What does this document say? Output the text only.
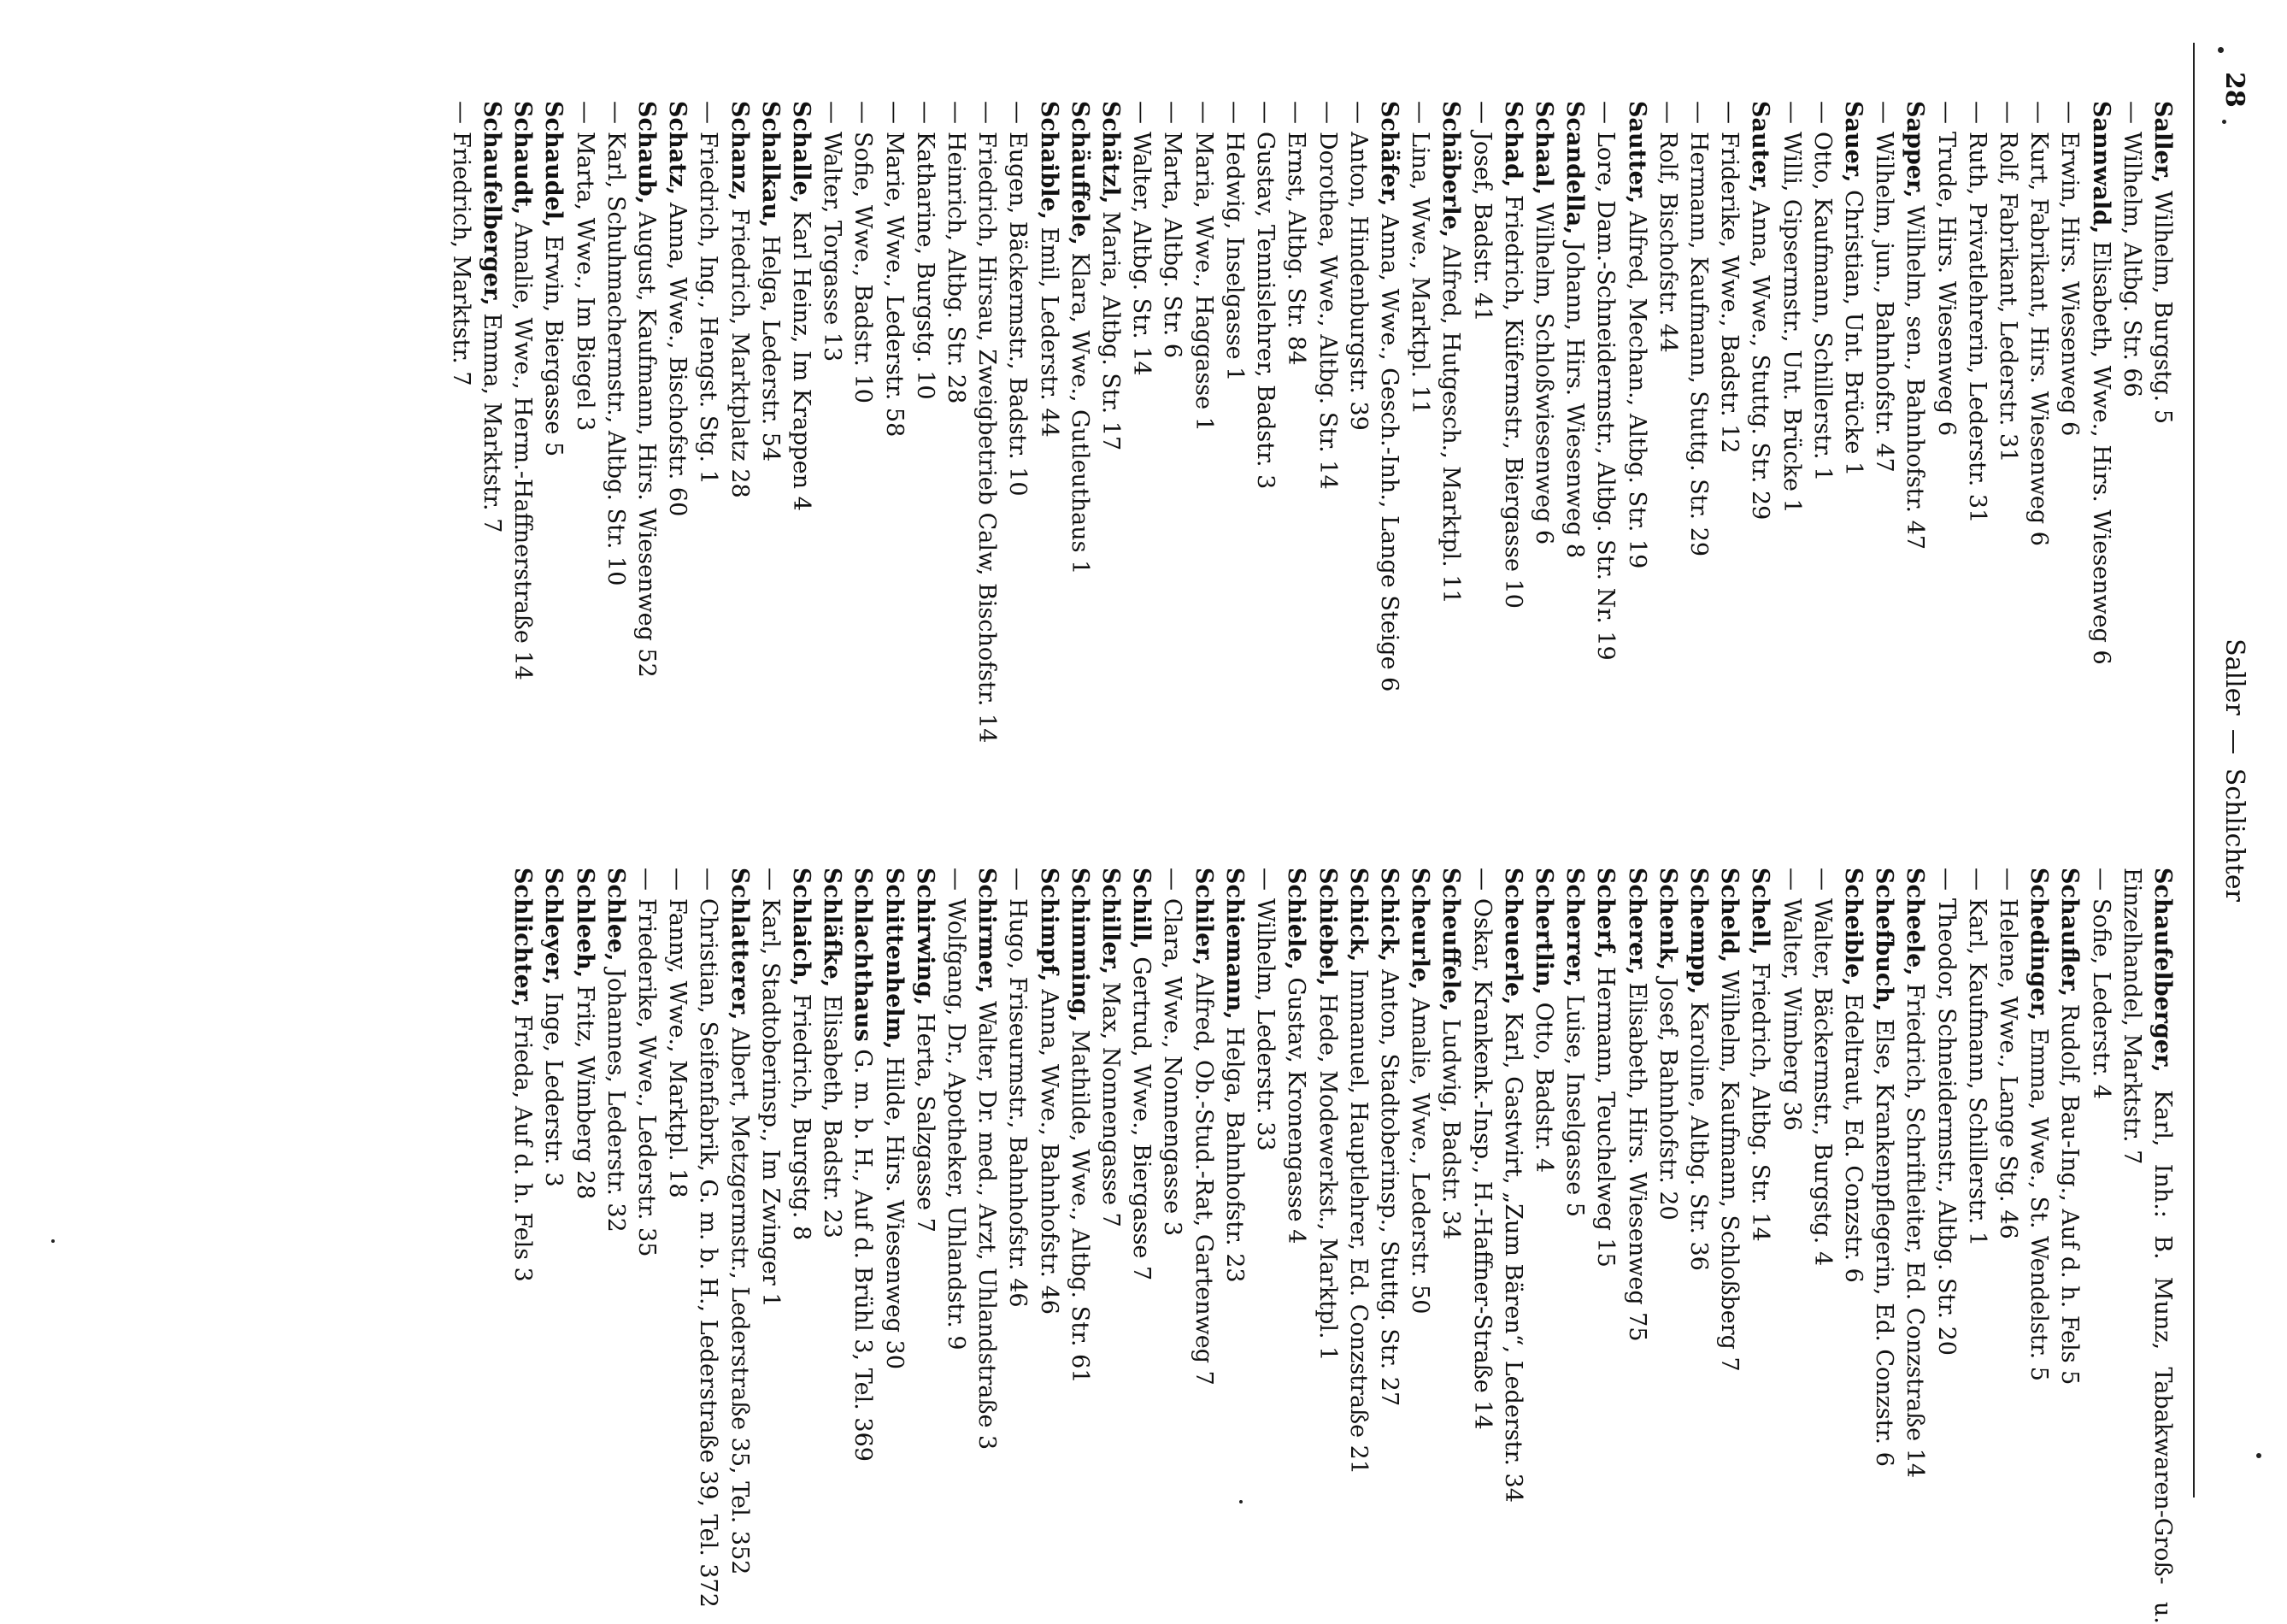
28
Saller—Schlichter

Saller, Wilhelm, Burgstg. 5

—Wilhelm, Altbg. Str. 66

Sannwald, Elisabeth, Wwe., Hirs. Wiesenweg 6

—Erwin, Hirs. Wiesenweg 6

—Kurt, Fabrikant, Hirs. Wiesenweg 6

—Rolf, Fabrikant, Lederstr. 31

—Ruth, Privatlehrerin, Lederstr. 31

—Trude, Hirs. Wiesenweg 6

Sapper, Wilhelm, sen., Bahnhofstr. 47

—Wilhelm, jun., Bahnhofstr. 47

Sauer, Christian, Unt. Brücke 1

—Otto, Kaufmann, Schillerstr. 1

—Willi, Gipsermstr., Unt. Brücke 1

Sauter, Anna, Wwe., Stuttg. Str. 29

—Friderike, Wwe., Badstr. 12

—Hermann, Kaufmann, Stuttg. Str. 29

—Rolf, Bischofstr. 44

Sautter, Alfred, Mechan., Altbg. Str. 19

—Lore, Dam.-Schneidermstr., Altbg. Str. Nr. 19

Scandella, Johann, Hirs. Wiesenweg 8

Schaal, Wilhelm, Schloßwiesenweg 6

Schad, Friedrich, Küfermstr., Biergasse 10

—Josef, Badstr. 41

Schäberle, Alfred, Hutgesch., Marktpl. 11

—Lina, Wwe., Marktpl. 11

Schäfer, Anna, Wwe., Gesch.-Inh., Lange Steige 6

—Anton, Hindenburgstr. 39

—Dorothea, Wwe., Altbg. Str. 14

—Ernst, Altbg. Str. 84

—Gustav, Tennislehrer, Badstr. 3

—Hedwig, Inselgasse 1

—Maria, Wwe., Haggasse 1

—Marta, Altbg. Str. 6

—Walter, Altbg. Str. 14

Schätzl, Maria, Altbg. Str. 17

Schäuffele, Klara, Wwe., Gutleuthaus 1

Schaible, Emil, Lederstr. 44

—Eugen, Bäckermstr., Badstr. 10

—Friedrich, Hirsau, Zweigbetrieb Calw, Bischofstr. 14

—Heinrich, Altbg. Str. 28

—Katharine, Burgstg. 10

—Marie, Wwe., Lederstr. 58

—Sofie, Wwe., Badstr. 10

—Walter, Torgasse 13

Schalle, Karl Heinz, Im Krappen 4

Schalkau, Helga, Lederstr. 54

Schanz, Friedrich, Marktplatz 28

—Friedrich, Ing., Hengst. Stg. 1

Schatz, Anna, Wwe., Bischofstr. 60

Schaub, August, Kaufmann, Hirs. Wiesenweg 52

—Karl, Schuhmachermstr., Altbg. Str. 10

—Marta, Wwe., Im Biegel 3

Schaudel, Erwin, Biergasse 5

Schaudt, Amalie, Wwe., Herm.-Haffnerstraße 14

Schaufelberger, Emma, Marktstr. 7

—Friedrich, Marktstr. 7

Schaufelberger, Karl, Inh.: B. Munz, Tabakwaren-Groß- u. Einzelhandel, Marktstr. 7

—Sofie, Lederstr. 4

Schaufler, Rudolf, Bau-Ing., Auf d. h. Fels 5

Schedinger, Emma, Wwe., St. Wendelstr. 5

—Helene, Wwe., Lange Stg. 46

—Karl, Kaufmann, Schillerstr. 1

—Theodor, Schneidermstr., Altbg. Str. 20

Scheele, Friedrich, Schriftleiter, Ed. Conzstraße 14

Schefbuch, Else, Krankenpflegerin, Ed. Conzstr. 6

Scheible, Edeltraut, Ed. Conzstr. 6

—Walter, Bäckermstr., Burgstg. 4

—Walter, Wimberg 36

Schell, Friedrich, Altbg. Str. 14

Scheld, Wilhelm, Kaufmann, Schloßberg 7

Schempp, Karoline, Altbg. Str. 36

Schenk, Josef, Bahnhofstr. 20

Scherer, Elisabeth, Hirs. Wiesenweg 75

Scherf, Hermann, Teuchelweg 15

Scherrer, Luise, Inselgasse 5

Schertlin, Otto, Badstr. 4

Scheuerle, Karl, Gastwirt, „Zum Bären“, Lederstr. 34

—Oskar, Krankenk.-Insp., H.-Haffner-Straße 14

Scheuffele, Ludwig, Badstr. 34

Scheurle, Amalie, Wwe., Lederstr. 50

Schick, Anton, Stadtoberinsp., Stuttg. Str. 27

Schick, Immanuel, Hauptlehrer, Ed. Conzstraße 21

Schiebel, Hede, Modewerkst., Marktpl. 1

Schiele, Gustav, Kronengasse 4

—Wilhelm, Lederstr. 33

Schiemann, Helga, Bahnhofstr. 23

Schiler, Alfred, Ob.-Stud.-Rat, Gartenweg 7

—Clara, Wwe., Nonnengasse 3

Schill, Gertrud, Wwe., Biergasse 7

Schiller, Max, Nonnengasse 7

Schimming, Mathilde, Wwe., Altbg. Str. 61

Schimpf, Anna, Wwe., Bahnhofstr. 46

—Hugo, Friseurmstr., Bahnhofstr. 46

Schirmer, Walter, Dr. med., Arzt, Uhlandstraße 3

—Wolfgang, Dr., Apotheker, Uhlandstr. 9

Schirwing, Herta, Salzgasse 7

Schittenhelm, Hilde, Hirs. Wiesenweg 30

Schlachthaus G. m. b. H., Auf d. Brühl 3, Tel. 369

Schläfke, Elisabeth, Badstr. 23

Schlaich, Friedrich, Burgstg. 8

—Karl, Stadtoberinsp., Im Zwinger 1

Schlatterer, Albert, Metzgermstr., Lederstraße 35, Tel. 352

—Christian, Seifenfabrik, G. m. b. H., Lederstraße 39, Tel. 372

—Fanny, Wwe., Marktpl. 18

—Friederike, Wwe., Lederstr. 35

Schlee, Johannes, Lederstr. 32

Schleeh, Fritz, Wimberg 28

Schleyer, Inge, Lederstr. 3

Schlichter, Frieda, Auf d. h. Fels 3
